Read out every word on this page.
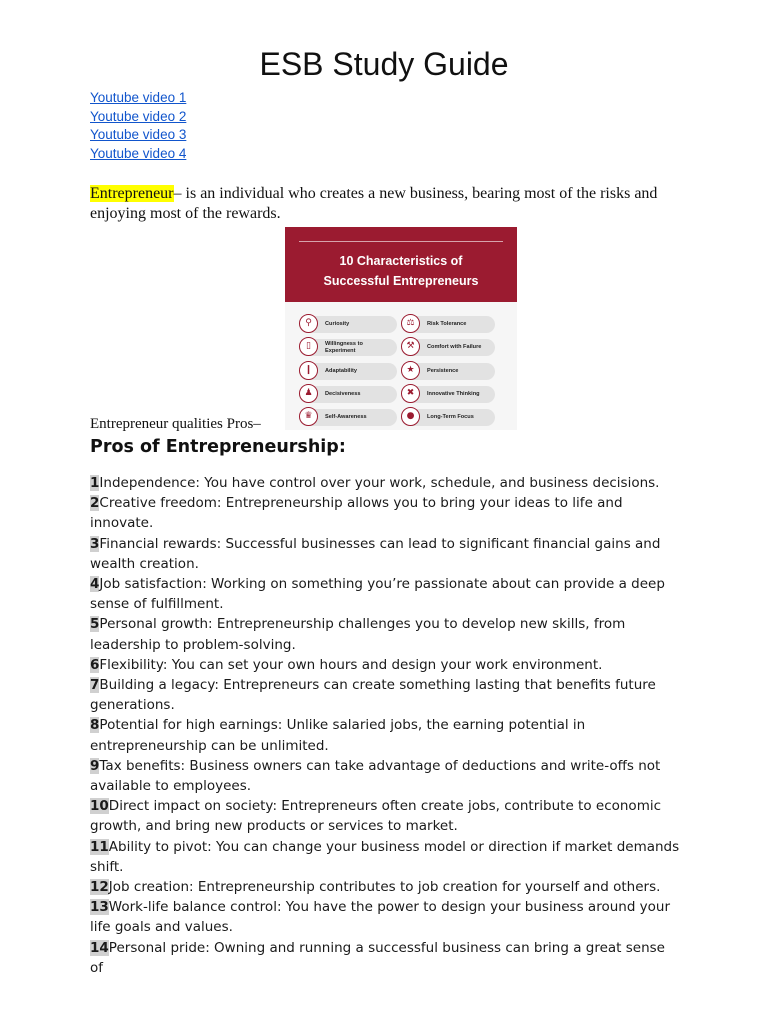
ESB Study Guide
Youtube video 1
Youtube video 2
Youtube video 3
Youtube video 4

Entrepreneur– is an individual who creates a new business, bearing most of the risks and enjoying most of the rewards.

10 Characteristics of
Successful Entrepreneurs
⚲	Curiosity
▯	Willingness to Experiment
❙	Adaptability
♟	Decisiveness
♛	Self-Awareness
⚖	Risk Tolerance
⚒	Comfort with Failure
★	Persistence
✖	Innovative Thinking
●	Long-Term Focus

Entrepreneur qualities Pros–

Pros of Entrepreneurship:
1Independence: You have control over your work, schedule, and business decisions.
2Creative freedom: Entrepreneurship allows you to bring your ideas to life and innovate.
3Financial rewards: Successful businesses can lead to significant financial gains and wealth creation.
4Job satisfaction: Working on something you’re passionate about can provide a deep sense of fulfillment.
5Personal growth: Entrepreneurship challenges you to develop new skills, from leadership to problem-solving.
6Flexibility: You can set your own hours and design your work environment.
7Building a legacy: Entrepreneurs can create something lasting that benefits future generations.
8Potential for high earnings: Unlike salaried jobs, the earning potential in entrepreneurship can be unlimited.
9Tax benefits: Business owners can take advantage of deductions and write-offs not available to employees.
10Direct impact on society: Entrepreneurs often create jobs, contribute to economic growth, and bring new products or services to market.
11Ability to pivot: You can change your business model or direction if market demands shift.
12Job creation: Entrepreneurship contributes to job creation for yourself and others.
13Work-life balance control: You have the power to design your business around your life goals and values.
14Personal pride: Owning and running a successful business can bring a great sense of
